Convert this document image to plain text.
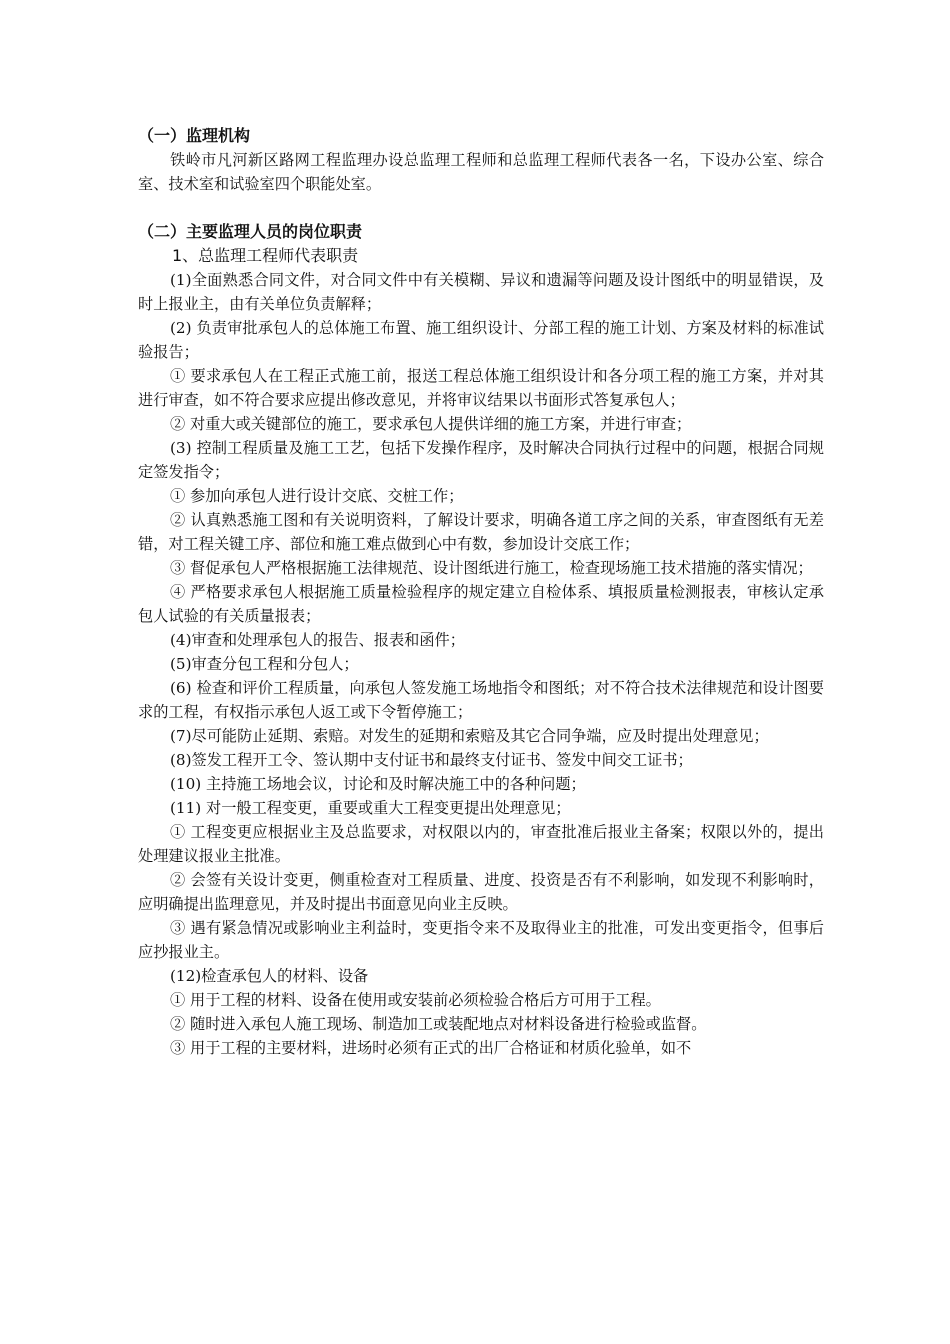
（一）监理机构

铁岭市凡河新区路网工程监理办设总监理工程师和总监理工程师代表各一名，下设办公室、综合室、技术室和试验室四个职能处室。

（二）主要监理人员的岗位职责
1、总监理工程师代表职责

(1)全面熟悉合同文件，对合同文件中有关模糊、异议和遗漏等问题及设计图纸中的明显错误，及时上报业主，由有关单位负责解释；

(2) 负责审批承包人的总体施工布置、施工组织设计、分部工程的施工计划、方案及材料的标准试验报告；

① 要求承包人在工程正式施工前，报送工程总体施工组织设计和各分项工程的施工方案，并对其进行审查，如不符合要求应提出修改意见，并将审议结果以书面形式答复承包人；

② 对重大或关键部位的施工，要求承包人提供详细的施工方案，并进行审查；

(3) 控制工程质量及施工工艺，包括下发操作程序，及时解决合同执行过程中的问题，根据合同规定签发指令；

① 参加向承包人进行设计交底、交桩工作；

② 认真熟悉施工图和有关说明资料，了解设计要求，明确各道工序之间的关系，审查图纸有无差错，对工程关键工序、部位和施工难点做到心中有数，参加设计交底工作；

③ 督促承包人严格根据施工法律规范、设计图纸进行施工，检查现场施工技术措施的落实情况；

④ 严格要求承包人根据施工质量检验程序的规定建立自检体系、填报质量检测报表，审核认定承包人试验的有关质量报表；

(4)审查和处理承包人的报告、报表和函件；

(5)审查分包工程和分包人；

(6) 检查和评价工程质量，向承包人签发施工场地指令和图纸；对不符合技术法律规范和设计图要求的工程，有权指示承包人返工或下令暂停施工；

(7)尽可能防止延期、索赔。对发生的延期和索赔及其它合同争端，应及时提出处理意见；

(8)签发工程开工令、签认期中支付证书和最终支付证书、签发中间交工证书；

(10) 主持施工场地会议，讨论和及时解决施工中的各种问题；

(11) 对一般工程变更，重要或重大工程变更提出处理意见；

① 工程变更应根据业主及总监要求，对权限以内的，审查批准后报业主备案；权限以外的，提出处理建议报业主批准。

② 会签有关设计变更，侧重检查对工程质量、进度、投资是否有不利影响，如发现不利影响时，应明确提出监理意见，并及时提出书面意见向业主反映。

③ 遇有紧急情况或影响业主利益时，变更指令来不及取得业主的批准，可发出变更指令，但事后应抄报业主。

(12)检查承包人的材料、设备

① 用于工程的材料、设备在使用或安装前必须检验合格后方可用于工程。

② 随时进入承包人施工现场、制造加工或装配地点对材料设备进行检验或监督。

③ 用于工程的主要材料，进场时必须有正式的出厂合格证和材质化验单，如不
